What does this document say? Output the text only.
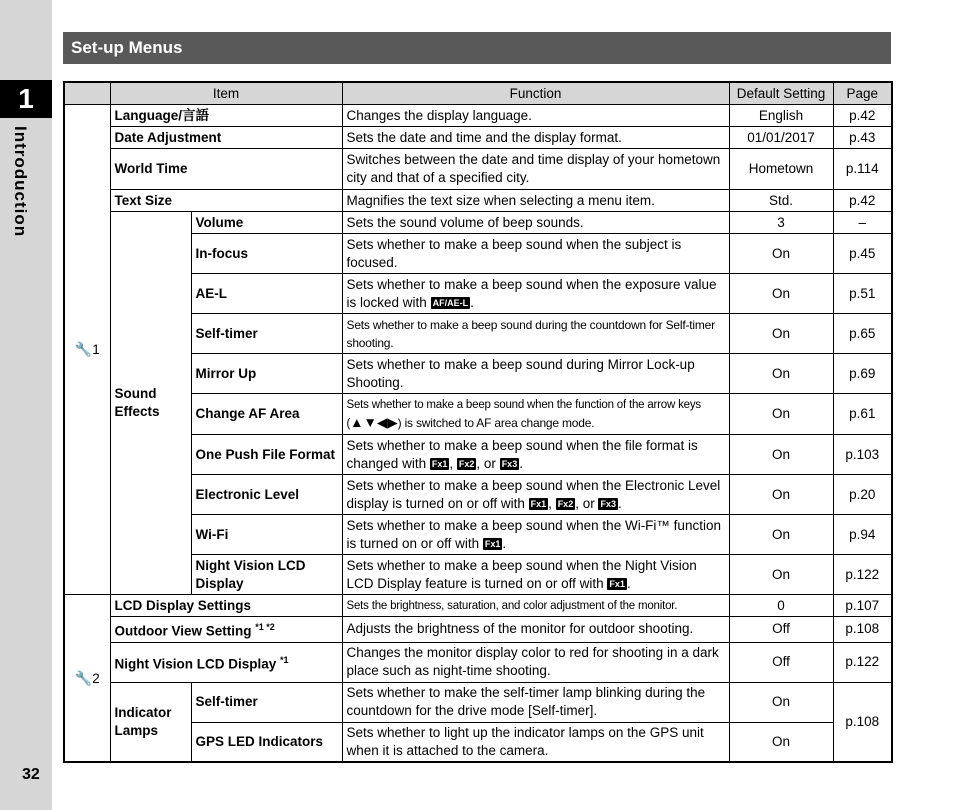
1
Introduction
32
Set-up Menus
	Item		Function	Default Setting	Page
🔧1	Language/言語		Changes the display language.	English	p.42
	Date Adjustment		Sets the date and time and the display format.	01/01/2017	p.43
	World Time		Switches between the date and time display of your hometown city and that of a specified city.	Hometown	p.114
	Text Size		Magnifies the text size when selecting a menu item.	Std.	p.42
	Sound Effects	Volume	Sets the sound volume of beep sounds.	3	–
		In-focus	Sets whether to make a beep sound when the subject is focused.	On	p.45
		AE-L	Sets whether to make a beep sound when the exposure value is locked with AF/AE-L .	On	p.51
		Self-timer	Sets whether to make a beep sound during the countdown for Self-timer shooting.	On	p.65
		Mirror Up	Sets whether to make a beep sound during Mirror Lock-up Shooting.	On	p.69
		Change AF Area	Sets whether to make a beep sound when the function of the arrow keys (▲▼◀▶) is switched to AF area change mode.	On	p.61
		One Push File Format	Sets whether to make a beep sound when the file format is changed with Fx1 , Fx2 , or Fx3 .	On	p.103
		Electronic Level	Sets whether to make a beep sound when the Electronic Level display is turned on or off with Fx1 , Fx2 , or Fx3 .	On	p.20
		Wi-Fi	Sets whether to make a beep sound when the Wi-Fi™ function is turned on or off with Fx1 .	On	p.94
		Night Vision LCD Display	Sets whether to make a beep sound when the Night Vision LCD Display feature is turned on or off with Fx1 .	On	p.122
🔧2	LCD Display Settings		Sets the brightness, saturation, and color adjustment of the monitor.	0	p.107
	Outdoor View Setting $^{*1 *2}$		Adjusts the brightness of the monitor for outdoor shooting.	Off	p.108
	Night Vision LCD Display $^{*1}$		Changes the monitor display color to red for shooting in a dark place such as night-time shooting.	Off	p.122
	Indicator Lamps	Self-timer	Sets whether to make the self-timer lamp blinking during the countdown for the drive mode [Self-timer].	On	p.108
		GPS LED Indicators	Sets whether to light up the indicator lamps on the GPS unit when it is attached to the camera.	On	
